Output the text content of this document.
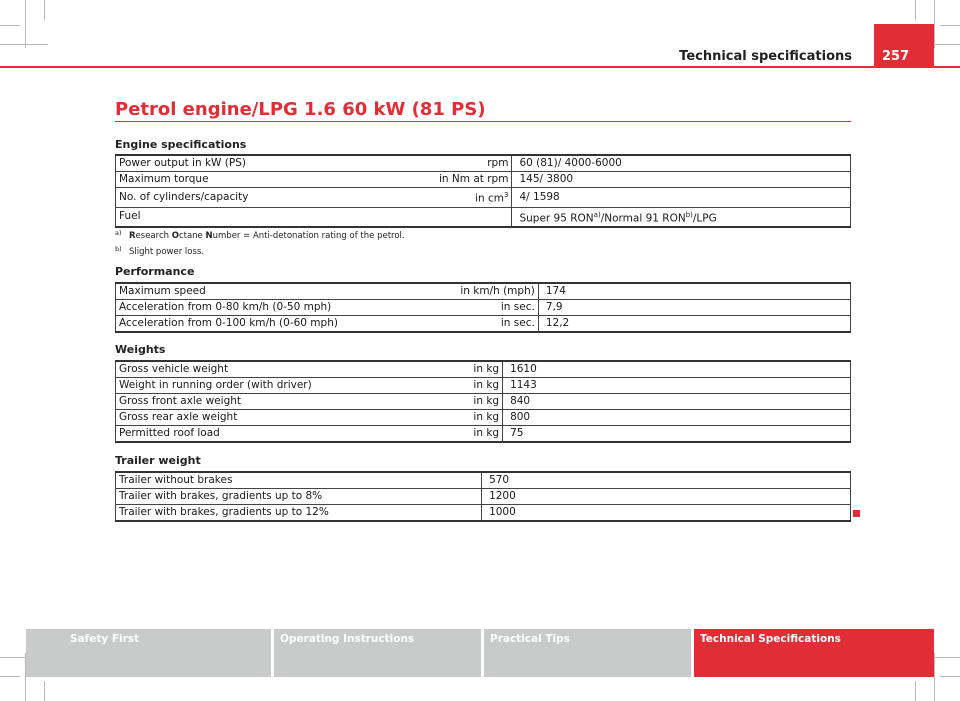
Technical specifications	257
Petrol engine/LPG 1.6 60 kW (81 PS)
Engine specifications
Power output in kW (PS)	rpm	60 (81)/ 4000-6000
Maximum torque	in Nm at rpm	145/ 3800
No. of cylinders/capacity	in $cm^3$	4/ 1598
Fuel		Super 95 RON$^{a)}$/Normal 91 RON$^{b)}$/LPG
$^{a)}$ Research Octane Number = Anti-detonation rating of the petrol.
$^{b)}$ Slight power loss.
Performance
Maximum speed	in km/h (mph)	174
Acceleration from 0-80 km/h (0-50 mph)	in sec.	7,9
Acceleration from 0-100 km/h (0-60 mph)	in sec.	12,2
Weights
Gross vehicle weight	in kg	1610
Weight in running order (with driver)	in kg	1143
Gross front axle weight	in kg	840
Gross rear axle weight	in kg	800
Permitted roof load	in kg	75
Trailer weight
Trailer without brakes	570
Trailer with brakes, gradients up to 8%	1200
Trailer with brakes, gradients up to 12%	1000
Safety First	Operating Instructions	Practical Tips	Technical Specifications
